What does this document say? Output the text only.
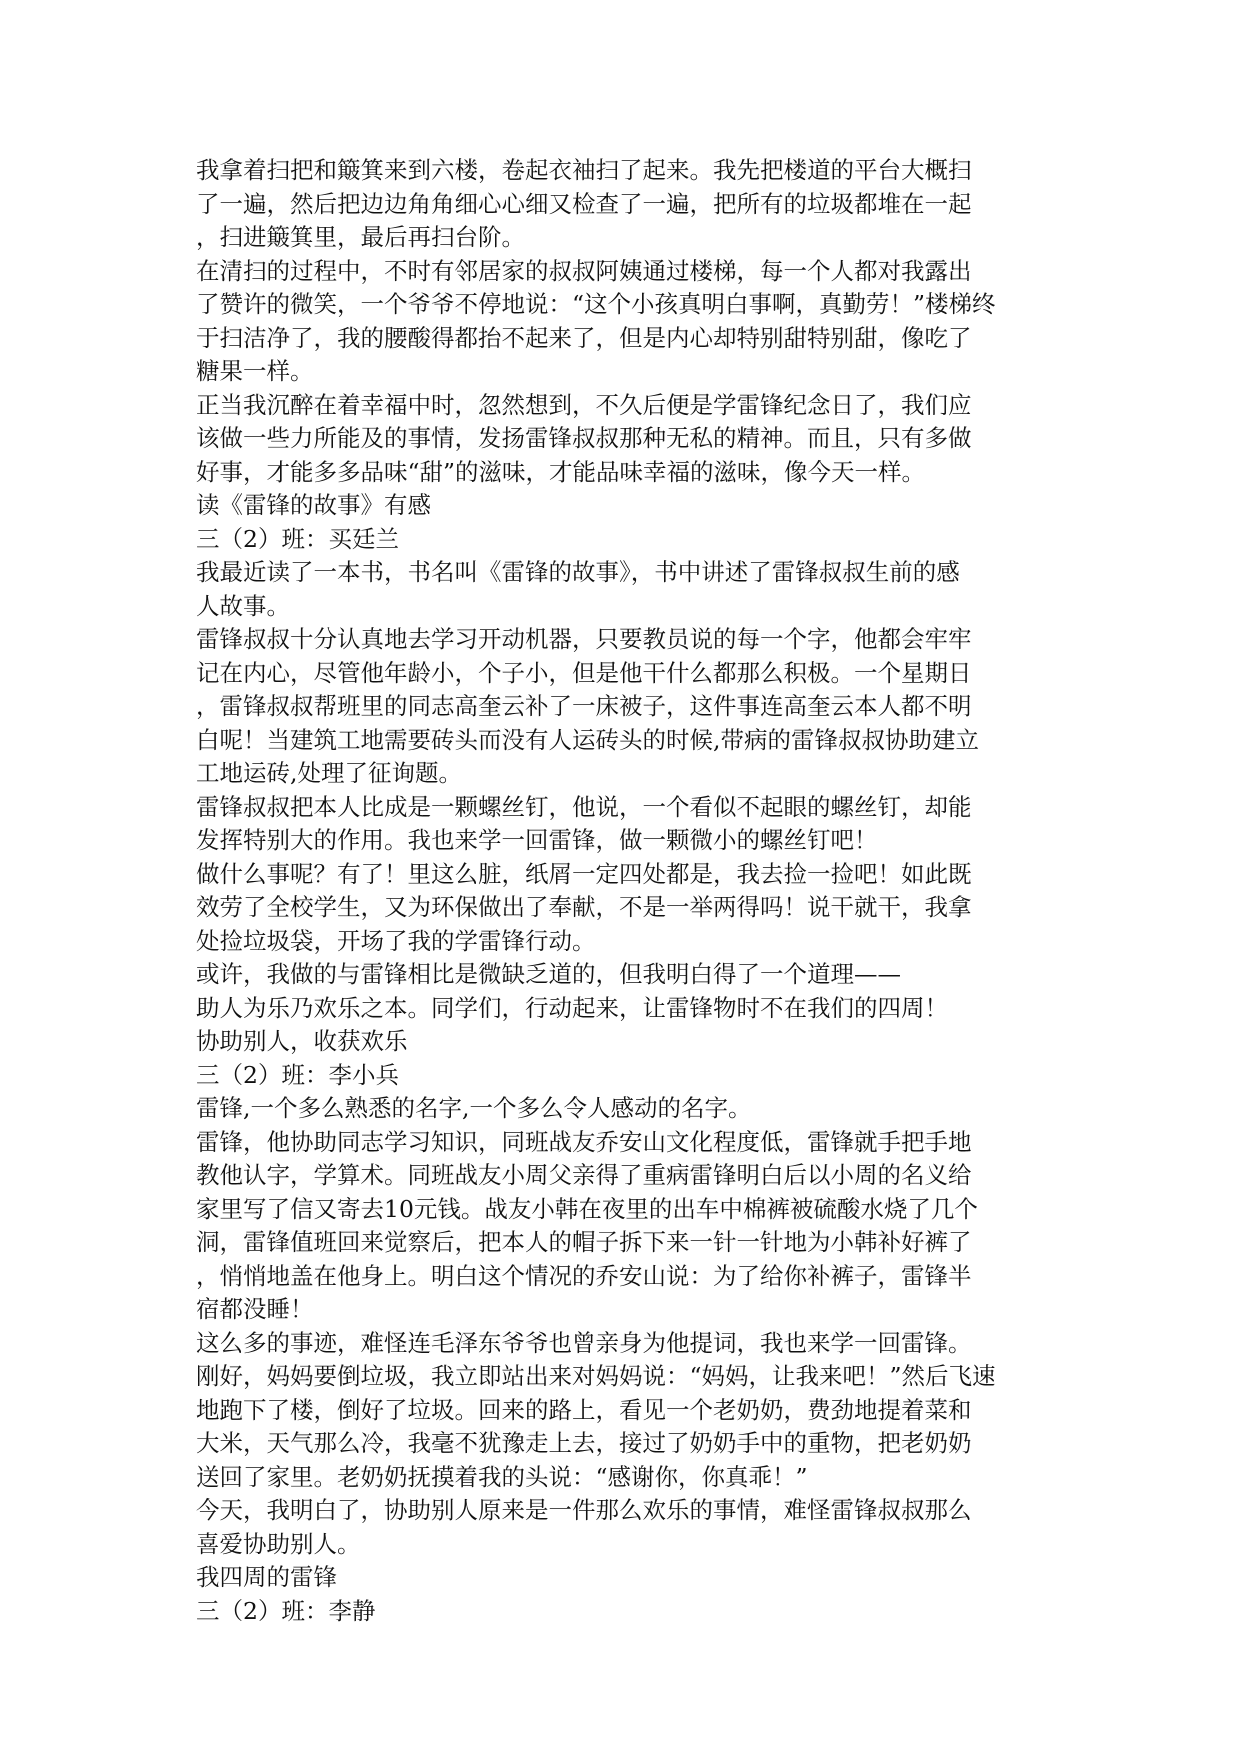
我拿着扫把和簸箕来到六楼，卷起衣袖扫了起来。我先把楼道的平台大概扫
了一遍，然后把边边角角细心心细又检查了一遍，把所有的垃圾都堆在一起
，扫进簸箕里，最后再扫台阶。
在清扫的过程中，不时有邻居家的叔叔阿姨通过楼梯，每一个人都对我露出
了赞许的微笑，一个爷爷不停地说：“这个小孩真明白事啊，真勤劳！”楼梯终
于扫洁净了，我的腰酸得都抬不起来了，但是内心却特别甜特别甜，像吃了
糖果一样。
正当我沉醉在着幸福中时，忽然想到，不久后便是学雷锋纪念日了，我们应
该做一些力所能及的事情，发扬雷锋叔叔那种无私的精神。而且，只有多做
好事，才能多多品味“甜”的滋味，才能品味幸福的滋味，像今天一样。
读《雷锋的故事》有感
三（2）班：买廷兰
我最近读了一本书，书名叫《雷锋的故事》，书中讲述了雷锋叔叔生前的感
人故事。
雷锋叔叔十分认真地去学习开动机器，只要教员说的每一个字，他都会牢牢
记在内心，尽管他年龄小，个子小，但是他干什么都那么积极。一个星期日
，雷锋叔叔帮班里的同志高奎云补了一床被子，这件事连高奎云本人都不明
白呢！当建筑工地需要砖头而没有人运砖头的时候,带病的雷锋叔叔协助建立
工地运砖,处理了征询题。
雷锋叔叔把本人比成是一颗螺丝钉，他说，一个看似不起眼的螺丝钉，却能
发挥特别大的作用。我也来学一回雷锋，做一颗微小的螺丝钉吧！
做什么事呢？有了！里这么脏，纸屑一定四处都是，我去捡一捡吧！如此既
效劳了全校学生，又为环保做出了奉献，不是一举两得吗！说干就干，我拿
处捡垃圾袋，开场了我的学雷锋行动。
或许，我做的与雷锋相比是微缺乏道的，但我明白得了一个道理——
助人为乐乃欢乐之本。同学们，行动起来，让雷锋物时不在我们的四周！
协助别人，收获欢乐
三（2）班：李小兵
雷锋,一个多么熟悉的名字,一个多么令人感动的名字。
雷锋，他协助同志学习知识，同班战友乔安山文化程度低，雷锋就手把手地
教他认字，学算术。同班战友小周父亲得了重病雷锋明白后以小周的名义给
家里写了信又寄去10元钱。战友小韩在夜里的出车中棉裤被硫酸水烧了几个
洞，雷锋值班回来觉察后，把本人的帽子拆下来一针一针地为小韩补好裤了
，悄悄地盖在他身上。明白这个情况的乔安山说：为了给你补裤子，雷锋半
宿都没睡！
这么多的事迹，难怪连毛泽东爷爷也曾亲身为他提词，我也来学一回雷锋。
刚好，妈妈要倒垃圾，我立即站出来对妈妈说：“妈妈，让我来吧！”然后飞速
地跑下了楼，倒好了垃圾。回来的路上，看见一个老奶奶，费劲地提着菜和
大米，天气那么冷，我毫不犹豫走上去，接过了奶奶手中的重物，把老奶奶
送回了家里。老奶奶抚摸着我的头说：“感谢你，你真乖！”
今天，我明白了，协助别人原来是一件那么欢乐的事情，难怪雷锋叔叔那么
喜爱协助别人。
我四周的雷锋
三（2）班：李静
